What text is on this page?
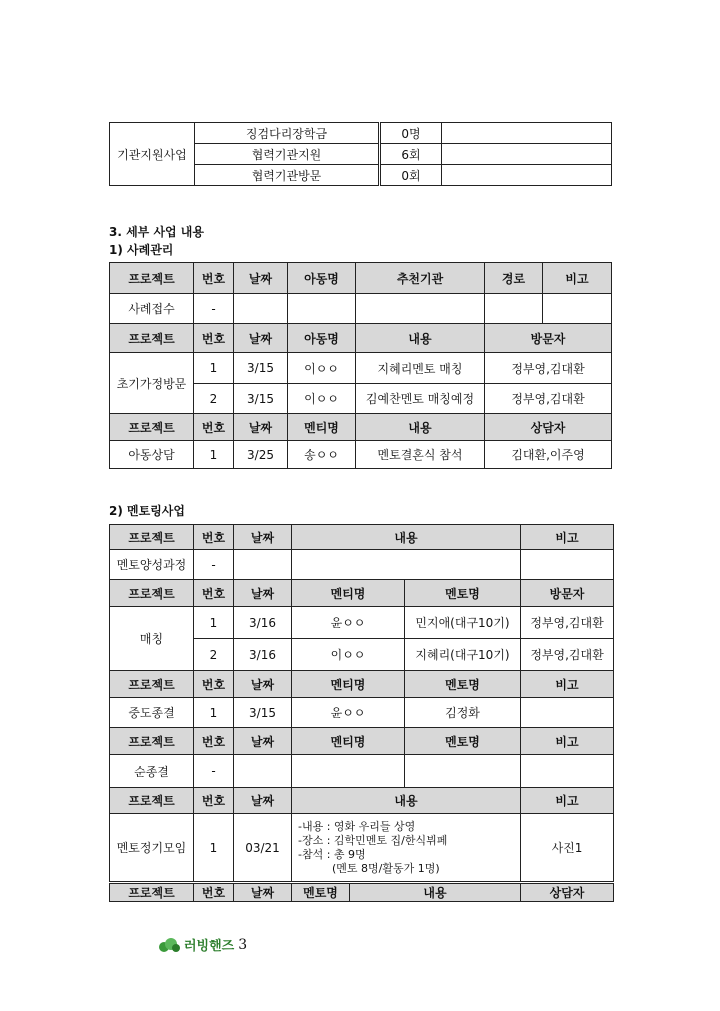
기관지원사업	징검다리장학금	0명	
	협력기관지원	6회	
	협력기관방문	0회	
3. 세부 사업 내용
1) 사례관리
프로젝트	번호	날짜	아동명	추천기관	경로	비고
사례접수	-					
프로젝트	번호	날짜	아동명	내용	방문자	
초기가정방문	1	3/15	이ㅇㅇ	지혜리멘토 매칭	정부영,김대환	
	2	3/15	이ㅇㅇ	김예찬멘토 매칭예정	정부영,김대환	
프로젝트	번호	날짜	멘티명	내용	상담자	
아동상담	1	3/25	송ㅇㅇ	멘토결혼식 참석	김대환,이주영	
2) 멘토링사업
프로젝트	번호	날짜	내용		비고
멘토양성과정	-				
프로젝트	번호	날짜	멘티명	멘토명	방문자
매칭	1	3/16	윤ㅇㅇ	민지애(대구10기)	정부영,김대환
	2	3/16	이ㅇㅇ	지혜리(대구10기)	정부영,김대환
프로젝트	번호	날짜	멘티명	멘토명	비고
중도종결	1	3/15	윤ㅇㅇ	김정화	
프로젝트	번호	날짜	멘티명	멘토명	비고
순종결	-				
프로젝트	번호	날짜	내용		비고
멘토정기모임	1	03/21	-내용 : 영화 우리들 상영
-장소 : 김학민멘토 집/한식뷔페
-참석 : 총 9명
(멘토 8명/활동가 1명)		사진1
프로젝트	번호	날짜	멘토명	내용	상담자
러빙핸즈 3
